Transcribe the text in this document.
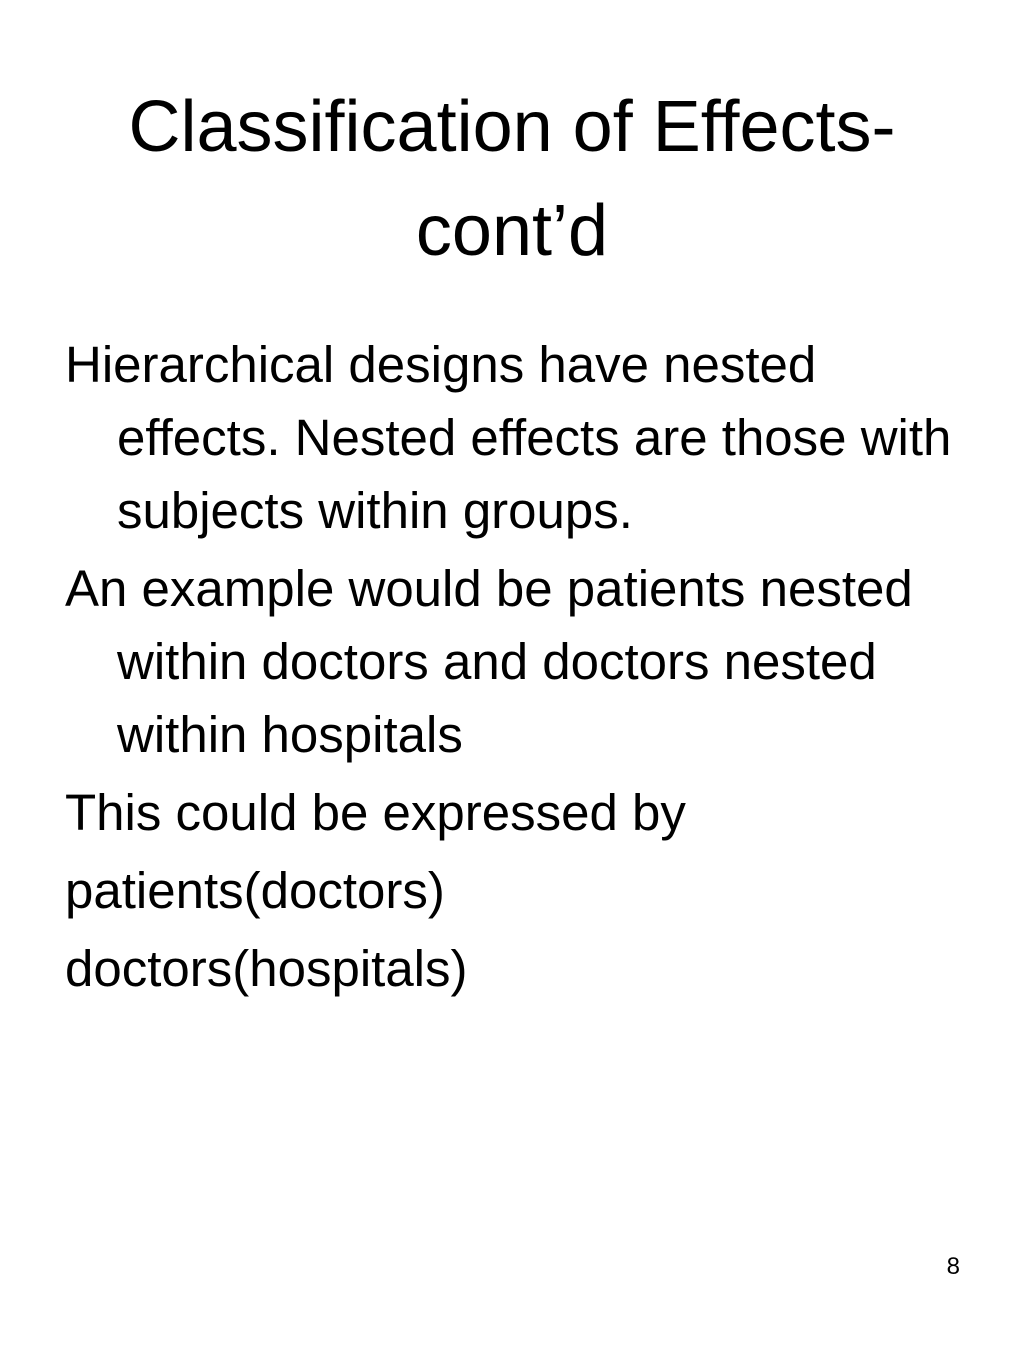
Classification of Effects-
cont’d

Hierarchical designs have nested effects. Nested effects are those with subjects within groups.

An example would be patients nested within doctors and doctors nested within hospitals

This could be expressed by

patients(doctors)

doctors(hospitals)

8
